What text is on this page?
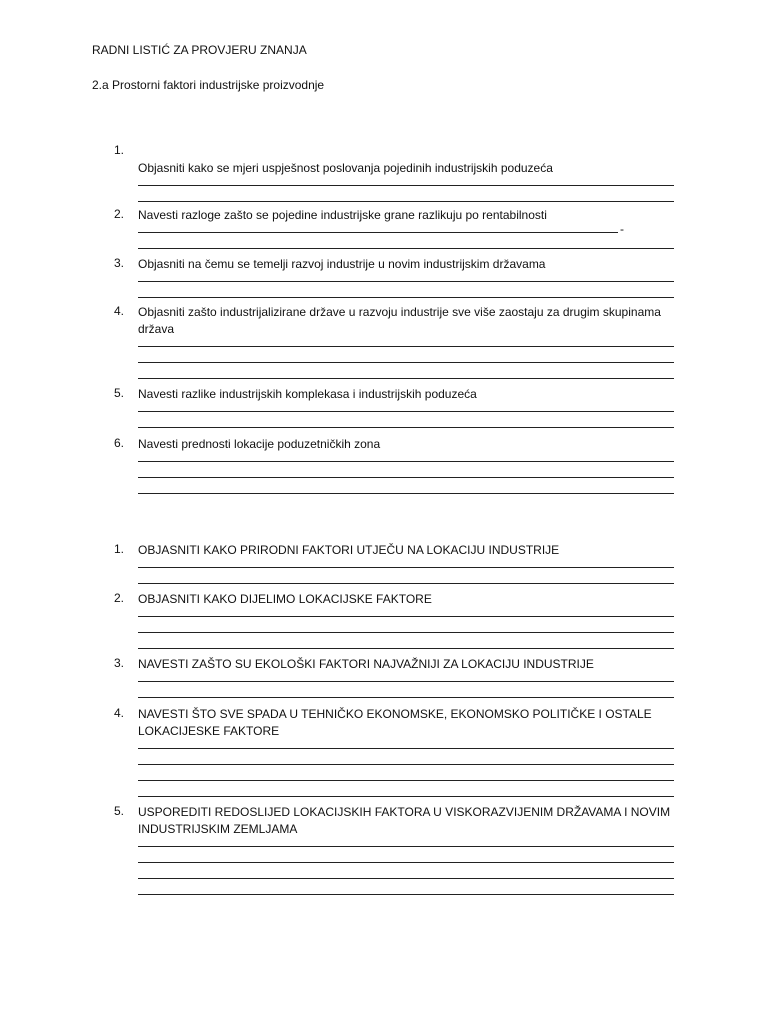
RADNI LISTIĆ ZA PROVJERU ZNANJA
2.a Prostorni faktori industrijske proizvodnje
1.
Objasniti kako se mjeri uspješnost poslovanja pojedinih industrijskih poduzeća
2.	Navesti razloge zašto se pojedine industrijske grane razlikuju po rentabilnosti
-
3.	Objasniti na čemu se temelji razvoj industrije u novim industrijskim državama
4.	Objasniti zašto industrijalizirane države u razvoju industrije sve više zaostaju za drugim skupinama država
5.	Navesti razlike industrijskih komplekasa i industrijskih poduzeća
6.	Navesti prednosti lokacije poduzetničkih zona
1.	OBJASNITI KAKO PRIRODNI FAKTORI UTJEČU NA LOKACIJU INDUSTRIJE
2.	OBJASNITI KAKO DIJELIMO LOKACIJSKE FAKTORE
3.	NAVESTI ZAŠTO SU EKOLOŠKI FAKTORI NAJVAŽNIJI ZA LOKACIJU INDUSTRIJE
4.	NAVESTI ŠTO SVE SPADA U TEHNIČKO EKONOMSKE, EKONOMSKO POLITIČKE I OSTALE LOKACIJESKE FAKTORE
5.	USPOREDITI REDOSLIJED LOKACIJSKIH FAKTORA U VISKORAZVIJENIM DRŽAVAMA I NOVIM INDUSTRIJSKIM ZEMLJAMA
